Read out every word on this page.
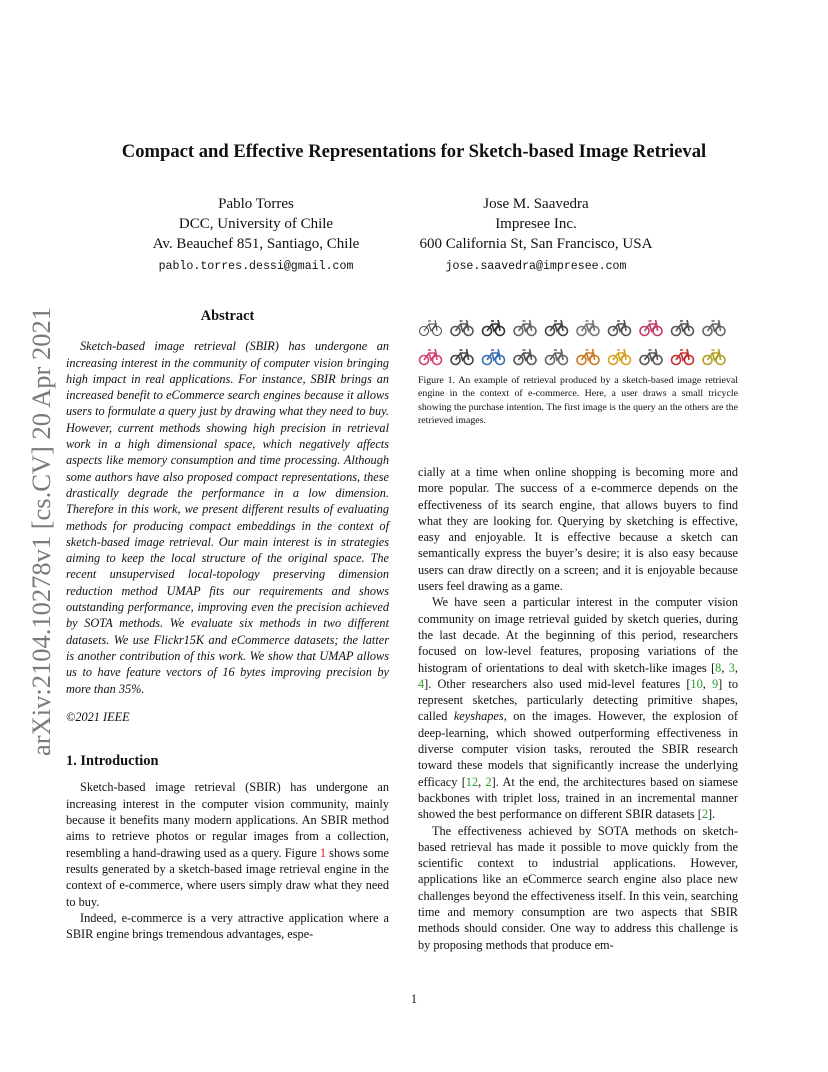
arXiv:2104.10278v1 [cs.CV] 20 Apr 2021
Compact and Effective Representations for Sketch-based Image Retrieval
Pablo Torres
DCC, University of Chile
Av. Beauchef 851, Santiago, Chile
pablo.torres.dessi@gmail.com
Jose M. Saavedra
Impresee Inc.
600 California St, San Francisco, USA
jose.saavedra@impresee.com
Abstract

Sketch-based image retrieval (SBIR) has undergone an increasing interest in the community of computer vision bringing high impact in real applications. For instance, SBIR brings an increased benefit to eCommerce search engines because it allows users to formulate a query just by drawing what they need to buy. However, current methods showing high precision in retrieval work in a high dimensional space, which negatively affects aspects like memory consumption and time processing. Although some authors have also proposed compact representations, these drastically degrade the performance in a low dimension. Therefore in this work, we present different results of evaluating methods for producing compact embeddings in the context of sketch-based image retrieval. Our main interest is in strategies aiming to keep the local structure of the original space. The recent unsupervised local-topology preserving dimension reduction method UMAP fits our requirements and shows outstanding performance, improving even the precision achieved by SOTA methods. We evaluate six methods in two different datasets. We use Flickr15K and eCommerce datasets; the latter is another contribution of this work. We show that UMAP allows us to have feature vectors of 16 bytes improving precision by more than 35%.

©2021 IEEE

1. Introduction

Sketch-based image retrieval (SBIR) has undergone an increasing interest in the computer vision community, mainly because it benefits many modern applications. An SBIR method aims to retrieve photos or regular images from a collection, resembling a hand-drawing used as a query. Figure 1 shows some results generated by a sketch-based image retrieval engine in the context of e-commerce, where users simply draw what they need to buy.

Indeed, e-commerce is a very attractive application where a SBIR engine brings tremendous advantages, espe-

Figure 1. An example of retrieval produced by a sketch-based image retrieval engine in the context of e-commerce. Here, a user draws a small tricycle showing the purchase intention. The first image is the query an the others are the retrieved images.

cially at a time when online shopping is becoming more and more popular. The success of a e-commerce depends on the effectiveness of its search engine, that allows buyers to find what they are looking for. Querying by sketching is effective, easy and enjoyable. It is effective because a sketch can semantically express the buyer’s desire; it is also easy because users can draw directly on a screen; and it is enjoyable because users feel drawing as a game.

We have seen a particular interest in the computer vision community on image retrieval guided by sketch queries, during the last decade. At the beginning of this period, researchers focused on low-level features, proposing variations of the histogram of orientations to deal with sketch-like images [8, 3, 4]. Other researchers also used mid-level features [10, 9] to represent sketches, particularly detecting primitive shapes, called keyshapes, on the images. However, the explosion of deep-learning, which showed outperforming effectiveness in diverse computer vision tasks, rerouted the SBIR research toward these models that significantly increase the underlying efficacy [12, 2]. At the end, the architectures based on siamese backbones with triplet loss, trained in an incremental manner showed the best performance on different SBIR datasets [2].

The effectiveness achieved by SOTA methods on sketch-based retrieval has made it possible to move quickly from the scientific context to industrial applications. However, applications like an eCommerce search engine also place new challenges beyond the effectiveness itself. In this vein, searching time and memory consumption are two aspects that SBIR methods should consider. One way to address this challenge is by proposing methods that produce em-

1
